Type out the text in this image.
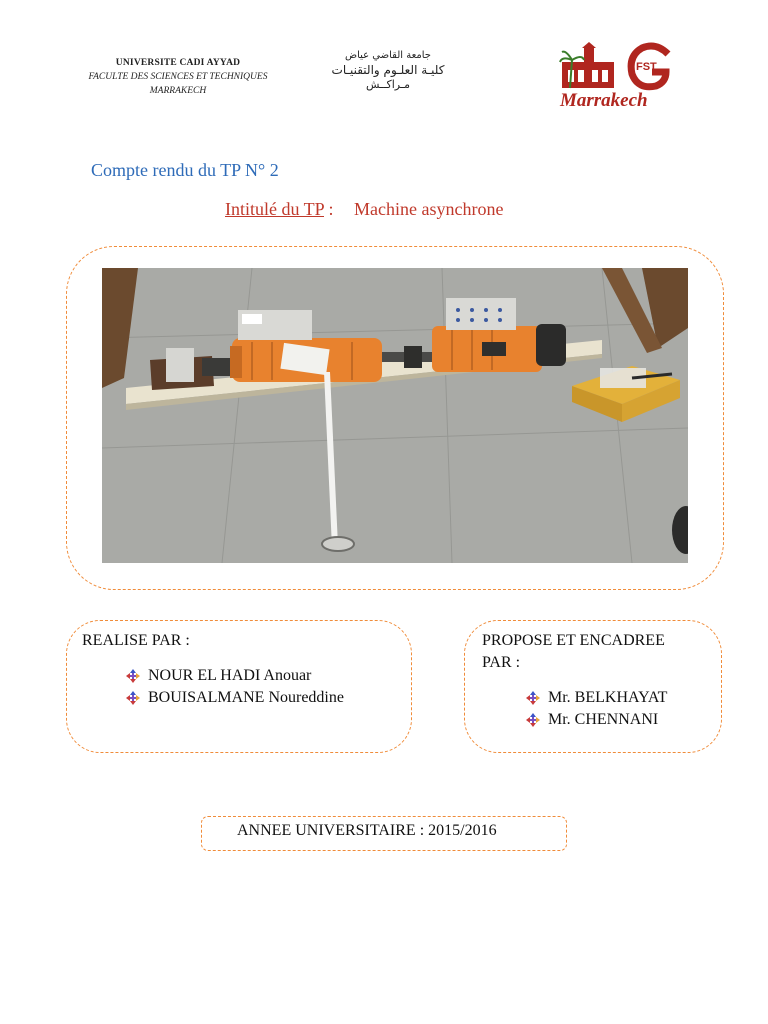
UNIVERSITE CADI AYYAD
FACULTE DES SCIENCES ET TECHNIQUES
MARRAKECH
جامعة القاضي عياض
كليـة العلـوم والتقنيـات
مـراكــش
FST
Marrakech
Compte rendu du TP N° 2
Intitulé du TP : Machine asynchrone
REALISE PAR :
NOUR EL HADI Anouar
BOUISALMANE Noureddine
PROPOSE ET ENCADREE
PAR :
Mr. BELKHAYAT
Mr. CHENNANI
ANNEE UNIVERSITAIRE : 2015/2016
